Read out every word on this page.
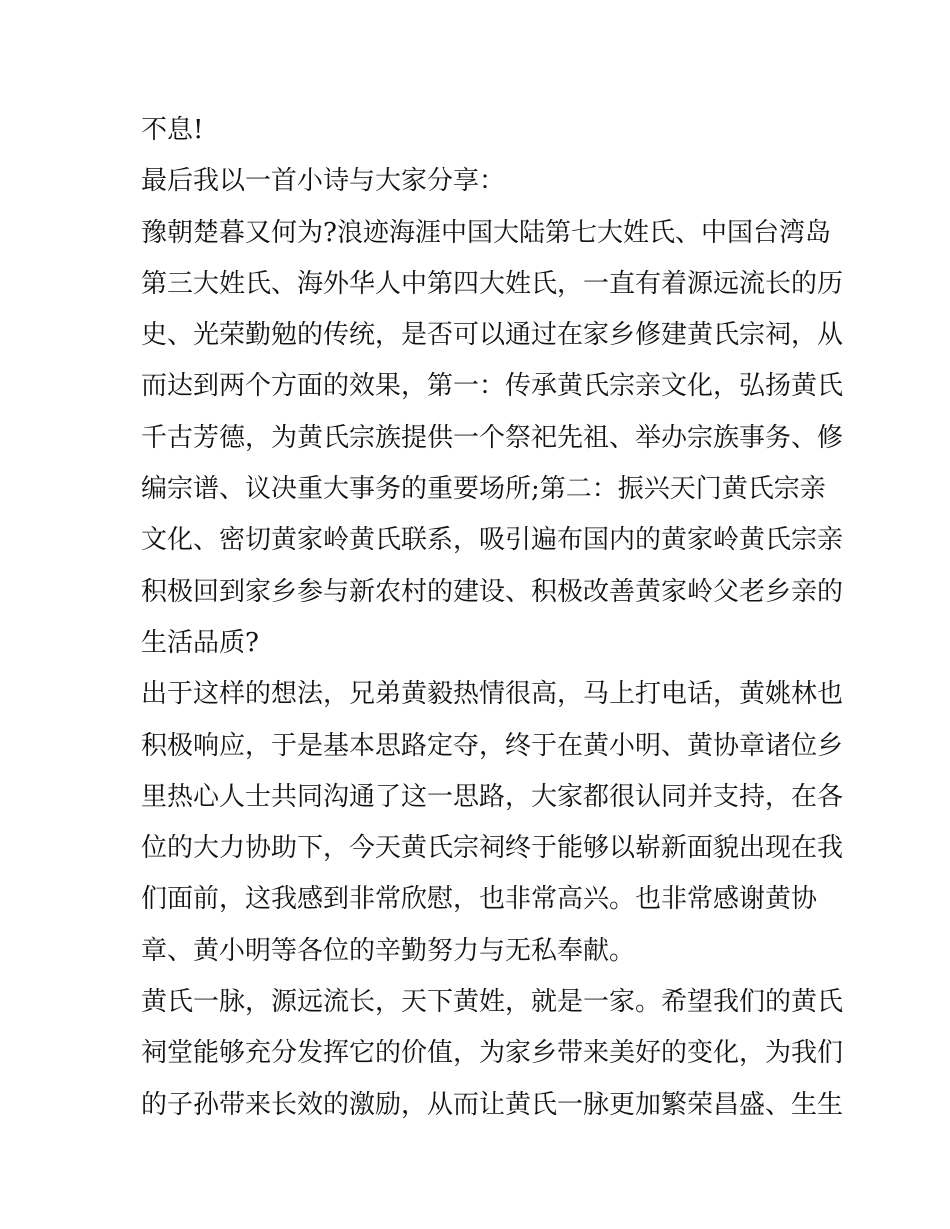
不息!
最后我以一首小诗与大家分享：
豫朝楚暮又何为?浪迹海涯中国大陆第七大姓氏、中国台湾岛
第三大姓氏、海外华人中第四大姓氏，一直有着源远流长的历
史、光荣勤勉的传统，是否可以通过在家乡修建黄氏宗祠，从
而达到两个方面的效果，第一：传承黄氏宗亲文化，弘扬黄氏
千古芳德，为黄氏宗族提供一个祭祀先祖、举办宗族事务、修
编宗谱、议决重大事务的重要场所;第二：振兴天门黄氏宗亲
文化、密切黄家岭黄氏联系，吸引遍布国内的黄家岭黄氏宗亲
积极回到家乡参与新农村的建设、积极改善黄家岭父老乡亲的
生活品质?
出于这样的想法，兄弟黄毅热情很高，马上打电话，黄姚林也
积极响应，于是基本思路定夺，终于在黄小明、黄协章诸位乡
里热心人士共同沟通了这一思路，大家都很认同并支持，在各
位的大力协助下，今天黄氏宗祠终于能够以崭新面貌出现在我
们面前，这我感到非常欣慰，也非常高兴。也非常感谢黄协
章、黄小明等各位的辛勤努力与无私奉献。
黄氏一脉，源远流长，天下黄姓，就是一家。希望我们的黄氏
祠堂能够充分发挥它的价值，为家乡带来美好的变化，为我们
的子孙带来长效的激励，从而让黄氏一脉更加繁荣昌盛、生生
